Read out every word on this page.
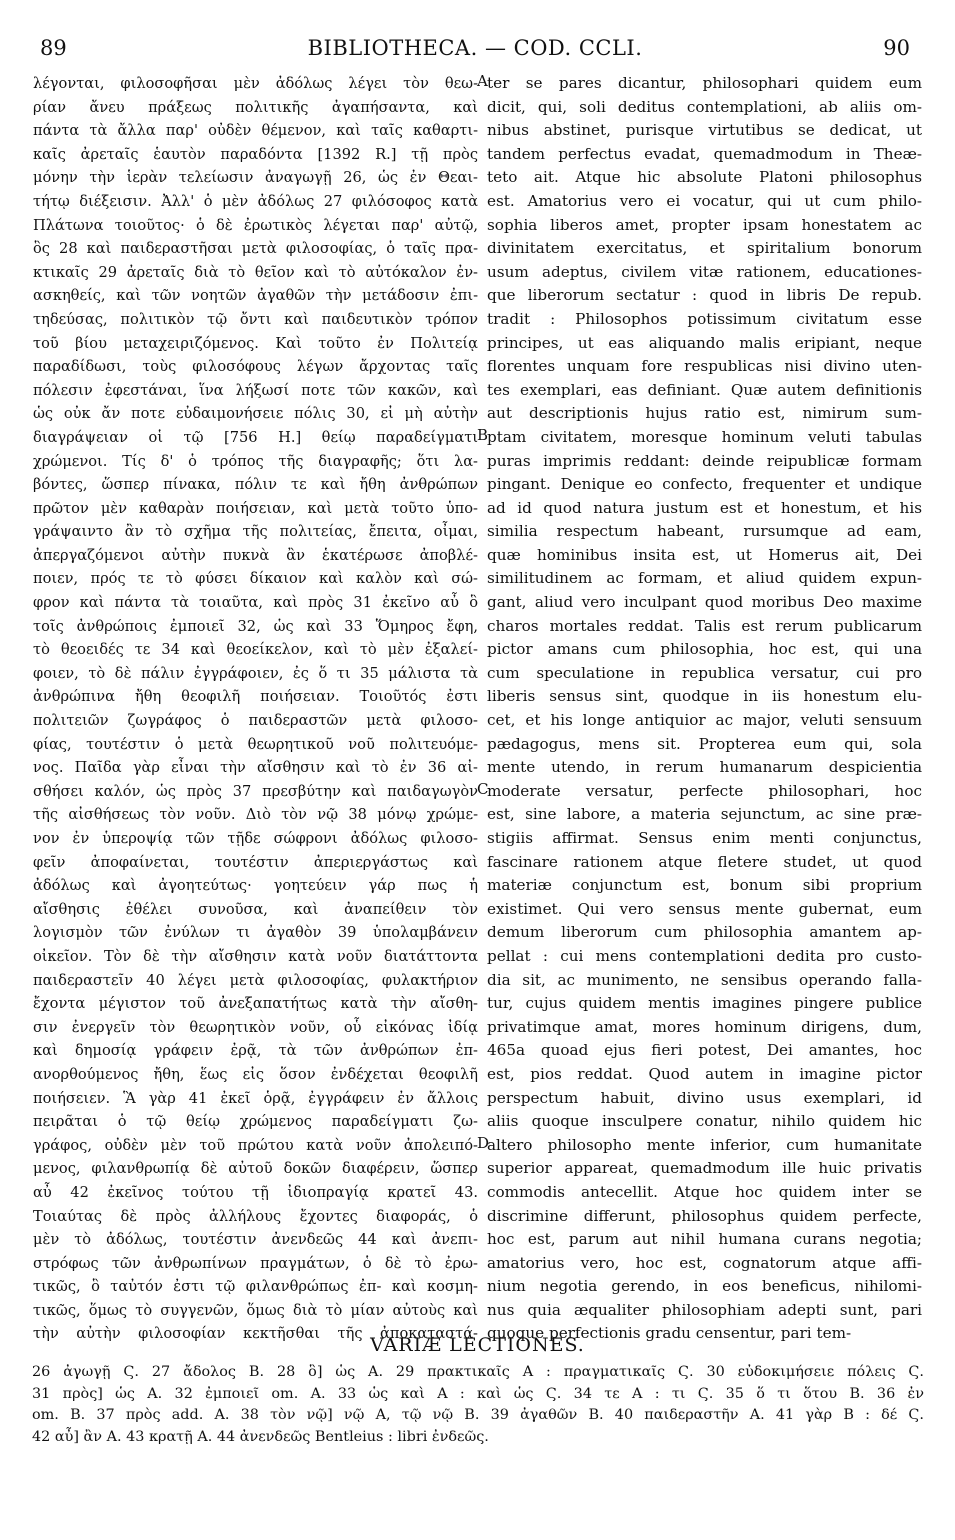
89	BIBLIOTHECA. — COD. CCLI.	90
λέγονται, φιλοσοφῆσαι μὲν ἀδόλως λέγει τὸν θεω-
ρίαν ἄνευ πράξεως πολιτικῆς ἀγαπήσαντα, καὶ
πάντα τὰ ἄλλα παρ' οὐδὲν θέμενον, καὶ ταῖς καθαρτι-
καῖς ἀρεταῖς ἑαυτὸν παραδόντα [1392 R.] τῇ πρὸς
μόνην τὴν ἱερὰν τελείωσιν ἀναγωγῇ 26, ὡς ἐν Θεαι-
τήτῳ διέξεισιν. Ἀλλ' ὁ μὲν ἀδόλως 27 φιλόσοφος κατὰ
Πλάτωνα τοιοῦτος· ὁ δὲ ἐρωτικὸς λέγεται παρ' αὐτῷ,
ὃς 28 καὶ παιδεραστῆσαι μετὰ φιλοσοφίας, ὁ ταῖς πρα-
κτικαῖς 29 ἀρεταῖς διὰ τὸ θεῖον καὶ τὸ αὐτόκαλον ἐν-
ασκηθείς, καὶ τῶν νοητῶν ἀγαθῶν τὴν μετάδοσιν ἐπι-
τηδεύσας, πολιτικὸν τῷ ὄντι καὶ παιδευτικὸν τρόπον
τοῦ βίου μεταχειριζόμενος. Καὶ τοῦτο ἐν Πολιτείᾳ
παραδίδωσι, τοὺς φιλοσόφους λέγων ἄρχοντας ταῖς
πόλεσιν ἐφεστάναι, ἵνα λήξωσί ποτε τῶν κακῶν, καὶ
ὡς οὐκ ἄν ποτε εὐδαιμονήσειε πόλις 30, εἰ μὴ αὐτὴν
διαγράψειαν οἱ τῷ [756 H.] θείῳ παραδείγματι
χρώμενοι. Τίς δ' ὁ τρόπος τῆς διαγραφῆς; ὅτι λα-
βόντες, ὥσπερ πίνακα, πόλιν τε καὶ ἤθη ἀνθρώπων
πρῶτον μὲν καθαρὰν ποιήσειαν, καὶ μετὰ τοῦτο ὑπο-
γράψαιντο ἂν τὸ σχῆμα τῆς πολιτείας, ἔπειτα, οἶμαι,
ἀπεργαζόμενοι αὐτὴν πυκνὰ ἂν ἑκατέρωσε ἀποβλέ-
ποιεν, πρός τε τὸ φύσει δίκαιον καὶ καλὸν καὶ σώ-
φρον καὶ πάντα τὰ τοιαῦτα, καὶ πρὸς 31 ἐκεῖνο αὖ ὃ
τοῖς ἀνθρώποις ἐμποιεῖ 32, ὡς καὶ 33 Ὅμηρος ἔφη,
τὸ θεοειδές τε 34 καὶ θεοείκελον, καὶ τὸ μὲν ἐξαλεί-
φοιεν, τὸ δὲ πάλιν ἐγγράφοιεν, ἐς ὅ τι 35 μάλιστα τὰ
ἀνθρώπινα ἤθη θεοφιλῆ ποιήσειαν. Τοιοῦτός ἐστι
πολιτειῶν ζωγράφος ὁ παιδεραστῶν μετὰ φιλοσο-
φίας, τουτέστιν ὁ μετὰ θεωρητικοῦ νοῦ πολιτευόμε-
νος. Παῖδα γὰρ εἶναι τὴν αἴσθησιν καὶ τὸ ἐν 36 αἰ-
σθήσει καλόν, ὡς πρὸς 37 πρεσβύτην καὶ παιδαγωγὸν
τῆς αἰσθήσεως τὸν νοῦν. Διὸ τὸν νῷ 38 μόνῳ χρώμε-
νον ἐν ὑπεροψίᾳ τῶν τῇδε σώφρονι ἀδόλως φιλοσο-
φεῖν ἀποφαίνεται, τουτέστιν ἀπεριεργάστως καὶ
ἀδόλως καὶ ἀγοητεύτως· γοητεύειν γάρ πως ἡ
αἴσθησις ἐθέλει συνοῦσα, καὶ ἀναπείθειν τὸν
λογισμὸν τῶν ἐνύλων τι ἀγαθὸν 39 ὑπολαμβάνειν
οἰκεῖον. Τὸν δὲ τὴν αἴσθησιν κατὰ νοῦν διατάττοντα
παιδεραστεῖν 40 λέγει μετὰ φιλοσοφίας, φυλακτήριον
ἔχοντα μέγιστον τοῦ ἀνεξαπατήτως κατὰ τὴν αἴσθη-
σιν ἐνεργεῖν τὸν θεωρητικὸν νοῦν, οὗ εἰκόνας ἰδίᾳ
καὶ δημοσίᾳ γράφειν ἐρᾷ, τὰ τῶν ἀνθρώπων ἐπ-
ανορθούμενος ἤθη, ἕως εἰς ὅσον ἐνδέχεται θεοφιλῆ
ποιήσειεν. Ἃ γὰρ 41 ἐκεῖ ὁρᾷ, ἐγγράφειν ἐν ἄλλοις
πειρᾶται ὁ τῷ θείῳ χρώμενος παραδείγματι ζω-
γράφος, οὐδὲν μὲν τοῦ πρώτου κατὰ νοῦν ἀπολειπό-
μενος, φιλανθρωπίᾳ δὲ αὐτοῦ δοκῶν διαφέρειν, ὥσπερ
αὖ 42 ἐκεῖνος τούτου τῇ ἰδιοπραγίᾳ κρατεῖ 43.
Τοιαύτας δὲ πρὸς ἀλλήλους ἔχοντες διαφοράς, ὁ
μὲν τὸ ἀδόλως, τουτέστιν ἀνενδεῶς 44 καὶ ἀνεπι-
στρόφως τῶν ἀνθρωπίνων πραγμάτων, ὁ δὲ τὸ ἐρω-
τικῶς, ὃ ταὐτόν ἐστι τῷ φιλανθρώπως ἐπ- καὶ κοσμη-
τικῶς, ὅμως τὸ συγγενῶν, ὅμως διὰ τὸ μίαν αὐτοὺς καὶ
τὴν αὐτὴν φιλοσοφίαν κεκτῆσθαι τῆς ἀποκαταστά-
ter se pares dicantur, philosophari quidem eum
dicit, qui, soli deditus contemplationi, ab aliis om-
nibus abstinet, purisque virtutibus se dedicat, ut
tandem perfectus evadat, quemadmodum in Theæ-
teto ait. Atque hic absolute Platoni philosophus
est. Amatorius vero ei vocatur, qui ut cum philo-
sophia liberos amet, propter ipsam honestatem ac
divinitatem exercitatus, et spiritalium bonorum
usum adeptus, civilem vitæ rationem, educationes-
que liberorum sectatur : quod in libris De repub.
tradit : Philosophos potissimum civitatum esse
principes, ut eas aliquando malis eripiant, neque
florentes unquam fore respublicas nisi divino uten-
tes exemplari, eas definiant. Quæ autem definitionis
aut descriptionis hujus ratio est, nimirum sum-
ptam civitatem, moresque hominum veluti tabulas
puras imprimis reddant: deinde reipublicæ formam
pingant. Denique eo confecto, frequenter et undique
ad id quod natura justum est et honestum, et his
similia respectum habeant, rursumque ad eam,
quæ hominibus insita est, ut Homerus ait, Dei
similitudinem ac formam, et aliud quidem expun-
gant, aliud vero inculpant quod moribus Deo maxime
charos mortales reddat. Talis est rerum publicarum
pictor amans cum philosophia, hoc est, qui una
cum speculatione in republica versatur, cui pro
liberis sensus sint, quodque in iis honestum elu-
cet, et his longe antiquior ac major, veluti sensuum
pædagogus, mens sit. Propterea eum qui, sola
mente utendo, in rerum humanarum despicientia
moderate versatur, perfecte philosophari, hoc
est, sine labore, a materia sejunctum, ac sine præ-
stigiis affirmat. Sensus enim menti conjunctus,
fascinare rationem atque fletere studet, ut quod
materiæ conjunctum est, bonum sibi proprium
existimet. Qui vero sensus mente gubernat, eum
demum liberorum cum philosophia amantem ap-
pellat : cui mens contemplationi dedita pro custo-
dia sit, ac munimento, ne sensibus operando falla-
tur, cujus quidem mentis imagines pingere publice
privatimque amat, mores hominum dirigens, dum,
465a quoad ejus fieri potest, Dei amantes, hoc
est, pios reddat. Quod autem in imagine pictor
perspectum habuit, divino usus exemplari, id
aliis quoque insculpere conatur, nihilo quidem hic
altero philosopho mente inferior, cum humanitate
superior appareat, quemadmodum ille huic privatis
commodis antecellit. Atque hoc quidem inter se
discrimine differunt, philosophus quidem perfecte,
hoc est, parum aut nihil humana curans negotia;
amatorius vero, hoc est, cognatorum atque affi-
nium negotia gerendo, in eos beneficus, nihilomi-
nus quia æqualiter philosophiam adepti sunt, pari
quoque perfectionis gradu censentur, pari tem-
A
B
C
D
VARIÆ LECTIONES.
26 ἀγωγῇ Ϛ. 27 ἄδολος B. 28 ὃ] ὡς A. 29 πρακτικαῖς A : πραγματικαῖς Ϛ. 30 εὐδοκιμήσειε πόλεις Ϛ.
31 πρὸς] ὡς A. 32 ἐμποιεῖ om. A. 33 ὡς καὶ A : καὶ ὡς Ϛ. 34 τε A : τι Ϛ. 35 ὅ τι ὅτου B. 36 ἐν
om. B. 37 πρὸς add. A. 38 τὸν νῷ] νῷ A, τῷ νῷ B. 39 ἀγαθῶν B. 40 παιδεραστῆν A. 41 γὰρ B : δέ Ϛ.
42 αὖ] ἂν A. 43 κρατῇ A. 44 ἀνενδεῶς Bentleius : libri ἐνδεῶς.
